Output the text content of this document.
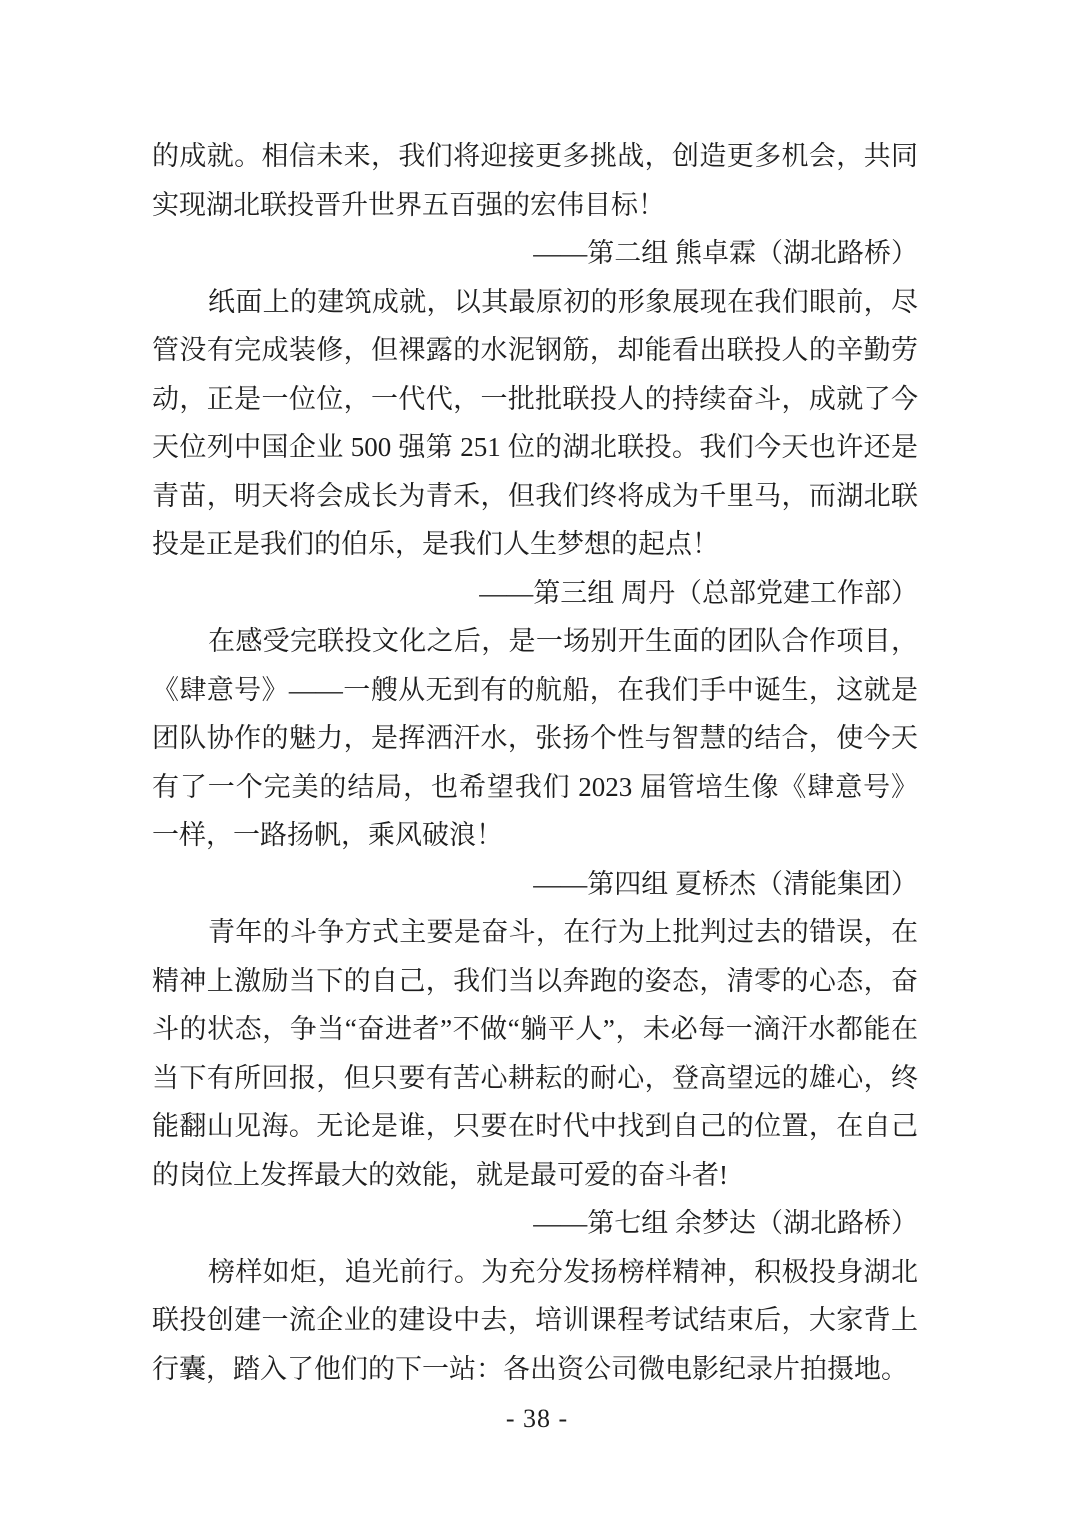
的成就。相信未来，我们将迎接更多挑战，创造更多机会，共同实现湖北联投晋升世界五百强的宏伟目标！

——第二组 熊卓霖（湖北路桥）

纸面上的建筑成就，以其最原初的形象展现在我们眼前，尽管没有完成装修，但裸露的水泥钢筋，却能看出联投人的辛勤劳动，正是一位位，一代代，一批批联投人的持续奋斗，成就了今天位列中国企业 500 强第 251 位的湖北联投。我们今天也许还是青苗，明天将会成长为青禾，但我们终将成为千里马，而湖北联投是正是我们的伯乐，是我们人生梦想的起点！

——第三组 周丹（总部党建工作部）

在感受完联投文化之后，是一场别开生面的团队合作项目，《肆意号》——一艘从无到有的航船，在我们手中诞生，这就是团队协作的魅力，是挥洒汗水，张扬个性与智慧的结合，使今天有了一个完美的结局，也希望我们 2023 届管培生像《肆意号》一样，一路扬帆，乘风破浪！

——第四组 夏桥杰（清能集团）

青年的斗争方式主要是奋斗，在行为上批判过去的错误，在精神上激励当下的自己，我们当以奔跑的姿态，清零的心态，奋斗的状态，争当“奋进者”不做“躺平人”，未必每一滴汗水都能在当下有所回报，但只要有苦心耕耘的耐心，登高望远的雄心，终能翻山见海。无论是谁，只要在时代中找到自己的位置，在自己的岗位上发挥最大的效能，就是最可爱的奋斗者!

——第七组 余梦达（湖北路桥）

榜样如炬，追光前行。为充分发扬榜样精神，积极投身湖北联投创建一流企业的建设中去，培训课程考试结束后，大家背上行囊，踏入了他们的下一站：各出资公司微电影纪录片拍摄地。

- 38 -
